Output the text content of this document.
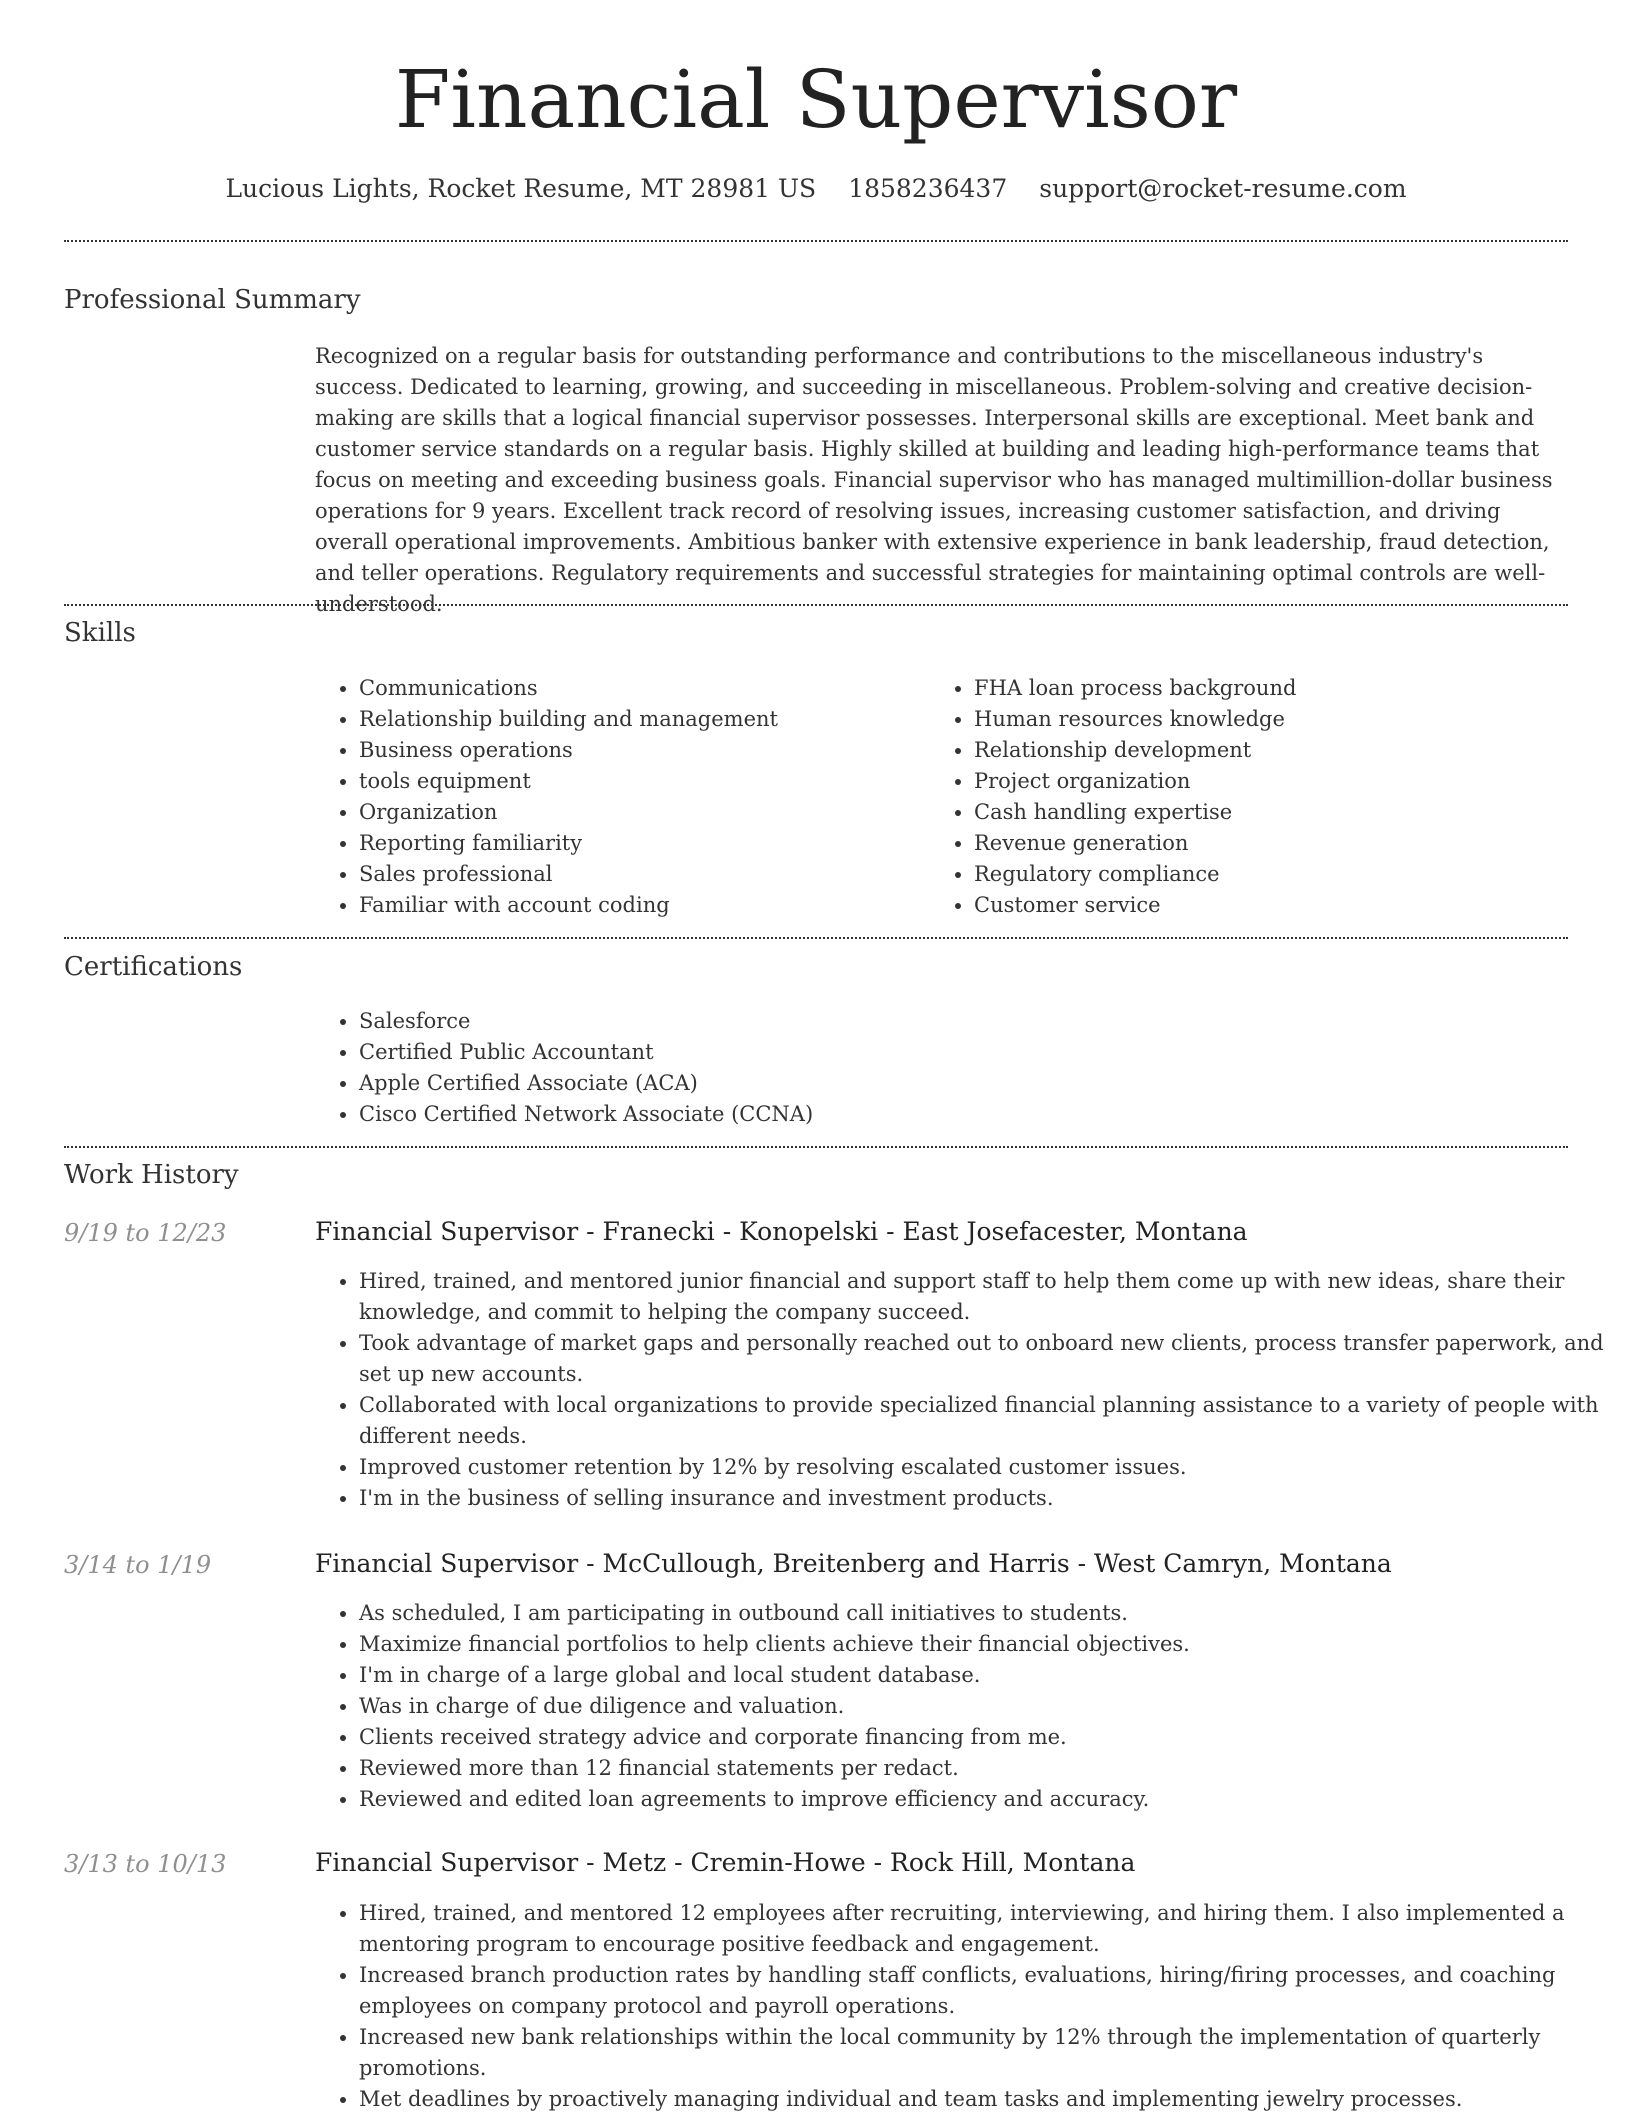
Financial Supervisor
Lucious Lights, Rocket Resume, MT 28981 US 1858236437 support@rocket-resume.com
Professional Summary

Recognized on a regular basis for outstanding performance and contributions to the miscellaneous industry's success. Dedicated to learning, growing, and succeeding in miscellaneous. Problem-solving and creative decision-making are skills that a logical financial supervisor possesses. Interpersonal skills are exceptional. Meet bank and customer service standards on a regular basis. Highly skilled at building and leading high-performance teams that focus on meeting and exceeding business goals. Financial supervisor who has managed multimillion-dollar business operations for 9 years. Excellent track record of resolving issues, increasing customer satisfaction, and driving overall operational improvements. Ambitious banker with extensive experience in bank leadership, fraud detection, and teller operations. Regulatory requirements and successful strategies for maintaining optimal controls are well-understood.

Skills
• Communications
• Relationship building and management
• Business operations
• tools equipment
• Organization
• Reporting familiarity
• Sales professional
• Familiar with account coding
• FHA loan process background
• Human resources knowledge
• Relationship development
• Project organization
• Cash handling expertise
• Revenue generation
• Regulatory compliance
• Customer service
Certifications
• Salesforce
• Certified Public Accountant
• Apple Certified Associate (ACA)
• Cisco Certified Network Associate (CCNA)
Work History
9/19 to 12/23	Financial Supervisor - Franecki - Konopelski - East Josefacester, Montana
• Hired, trained, and mentored junior financial and support staff to help them come up with new ideas, share their knowledge, and commit to helping the company succeed.
• Took advantage of market gaps and personally reached out to onboard new clients, process transfer paperwork, and set up new accounts.
• Collaborated with local organizations to provide specialized financial planning assistance to a variety of people with different needs.
• Improved customer retention by 12% by resolving escalated customer issues.
• I'm in the business of selling insurance and investment products.
3/14 to 1/19	Financial Supervisor - McCullough, Breitenberg and Harris - West Camryn, Montana
• As scheduled, I am participating in outbound call initiatives to students.
• Maximize financial portfolios to help clients achieve their financial objectives.
• I'm in charge of a large global and local student database.
• Was in charge of due diligence and valuation.
• Clients received strategy advice and corporate financing from me.
• Reviewed more than 12 financial statements per redact.
• Reviewed and edited loan agreements to improve efficiency and accuracy.
3/13 to 10/13	Financial Supervisor - Metz - Cremin-Howe - Rock Hill, Montana
• Hired, trained, and mentored 12 employees after recruiting, interviewing, and hiring them. I also implemented a mentoring program to encourage positive feedback and engagement.
• Increased branch production rates by handling staff conflicts, evaluations, hiring/firing processes, and coaching employees on company protocol and payroll operations.
• Increased new bank relationships within the local community by 12% through the implementation of quarterly promotions.
• Met deadlines by proactively managing individual and team tasks and implementing jewelry processes.
